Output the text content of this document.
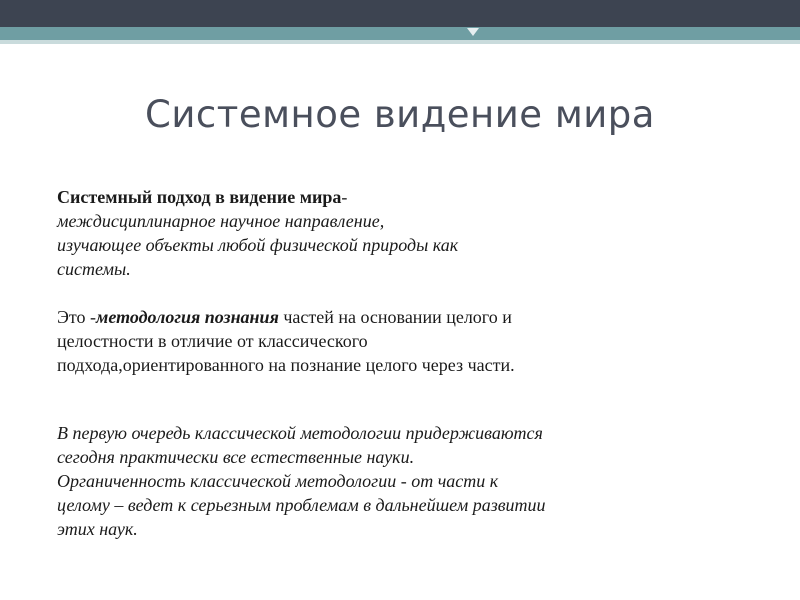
Системное видение мира

Системный подход в видение мира-

междисциплинарное научное направление,

изучающее объекты любой физической природы как

системы.

Это -методология познания частей на основании целого и

целостности в отличие от классического

подхода,ориентированного на познание целого через части.

В первую очередь классической методологии придерживаются

сегодня практически все естественные науки.

Органиченность классической методологии - от части к

целому – ведет к серьезным проблемам в дальнейшем развитии

этих наук.
